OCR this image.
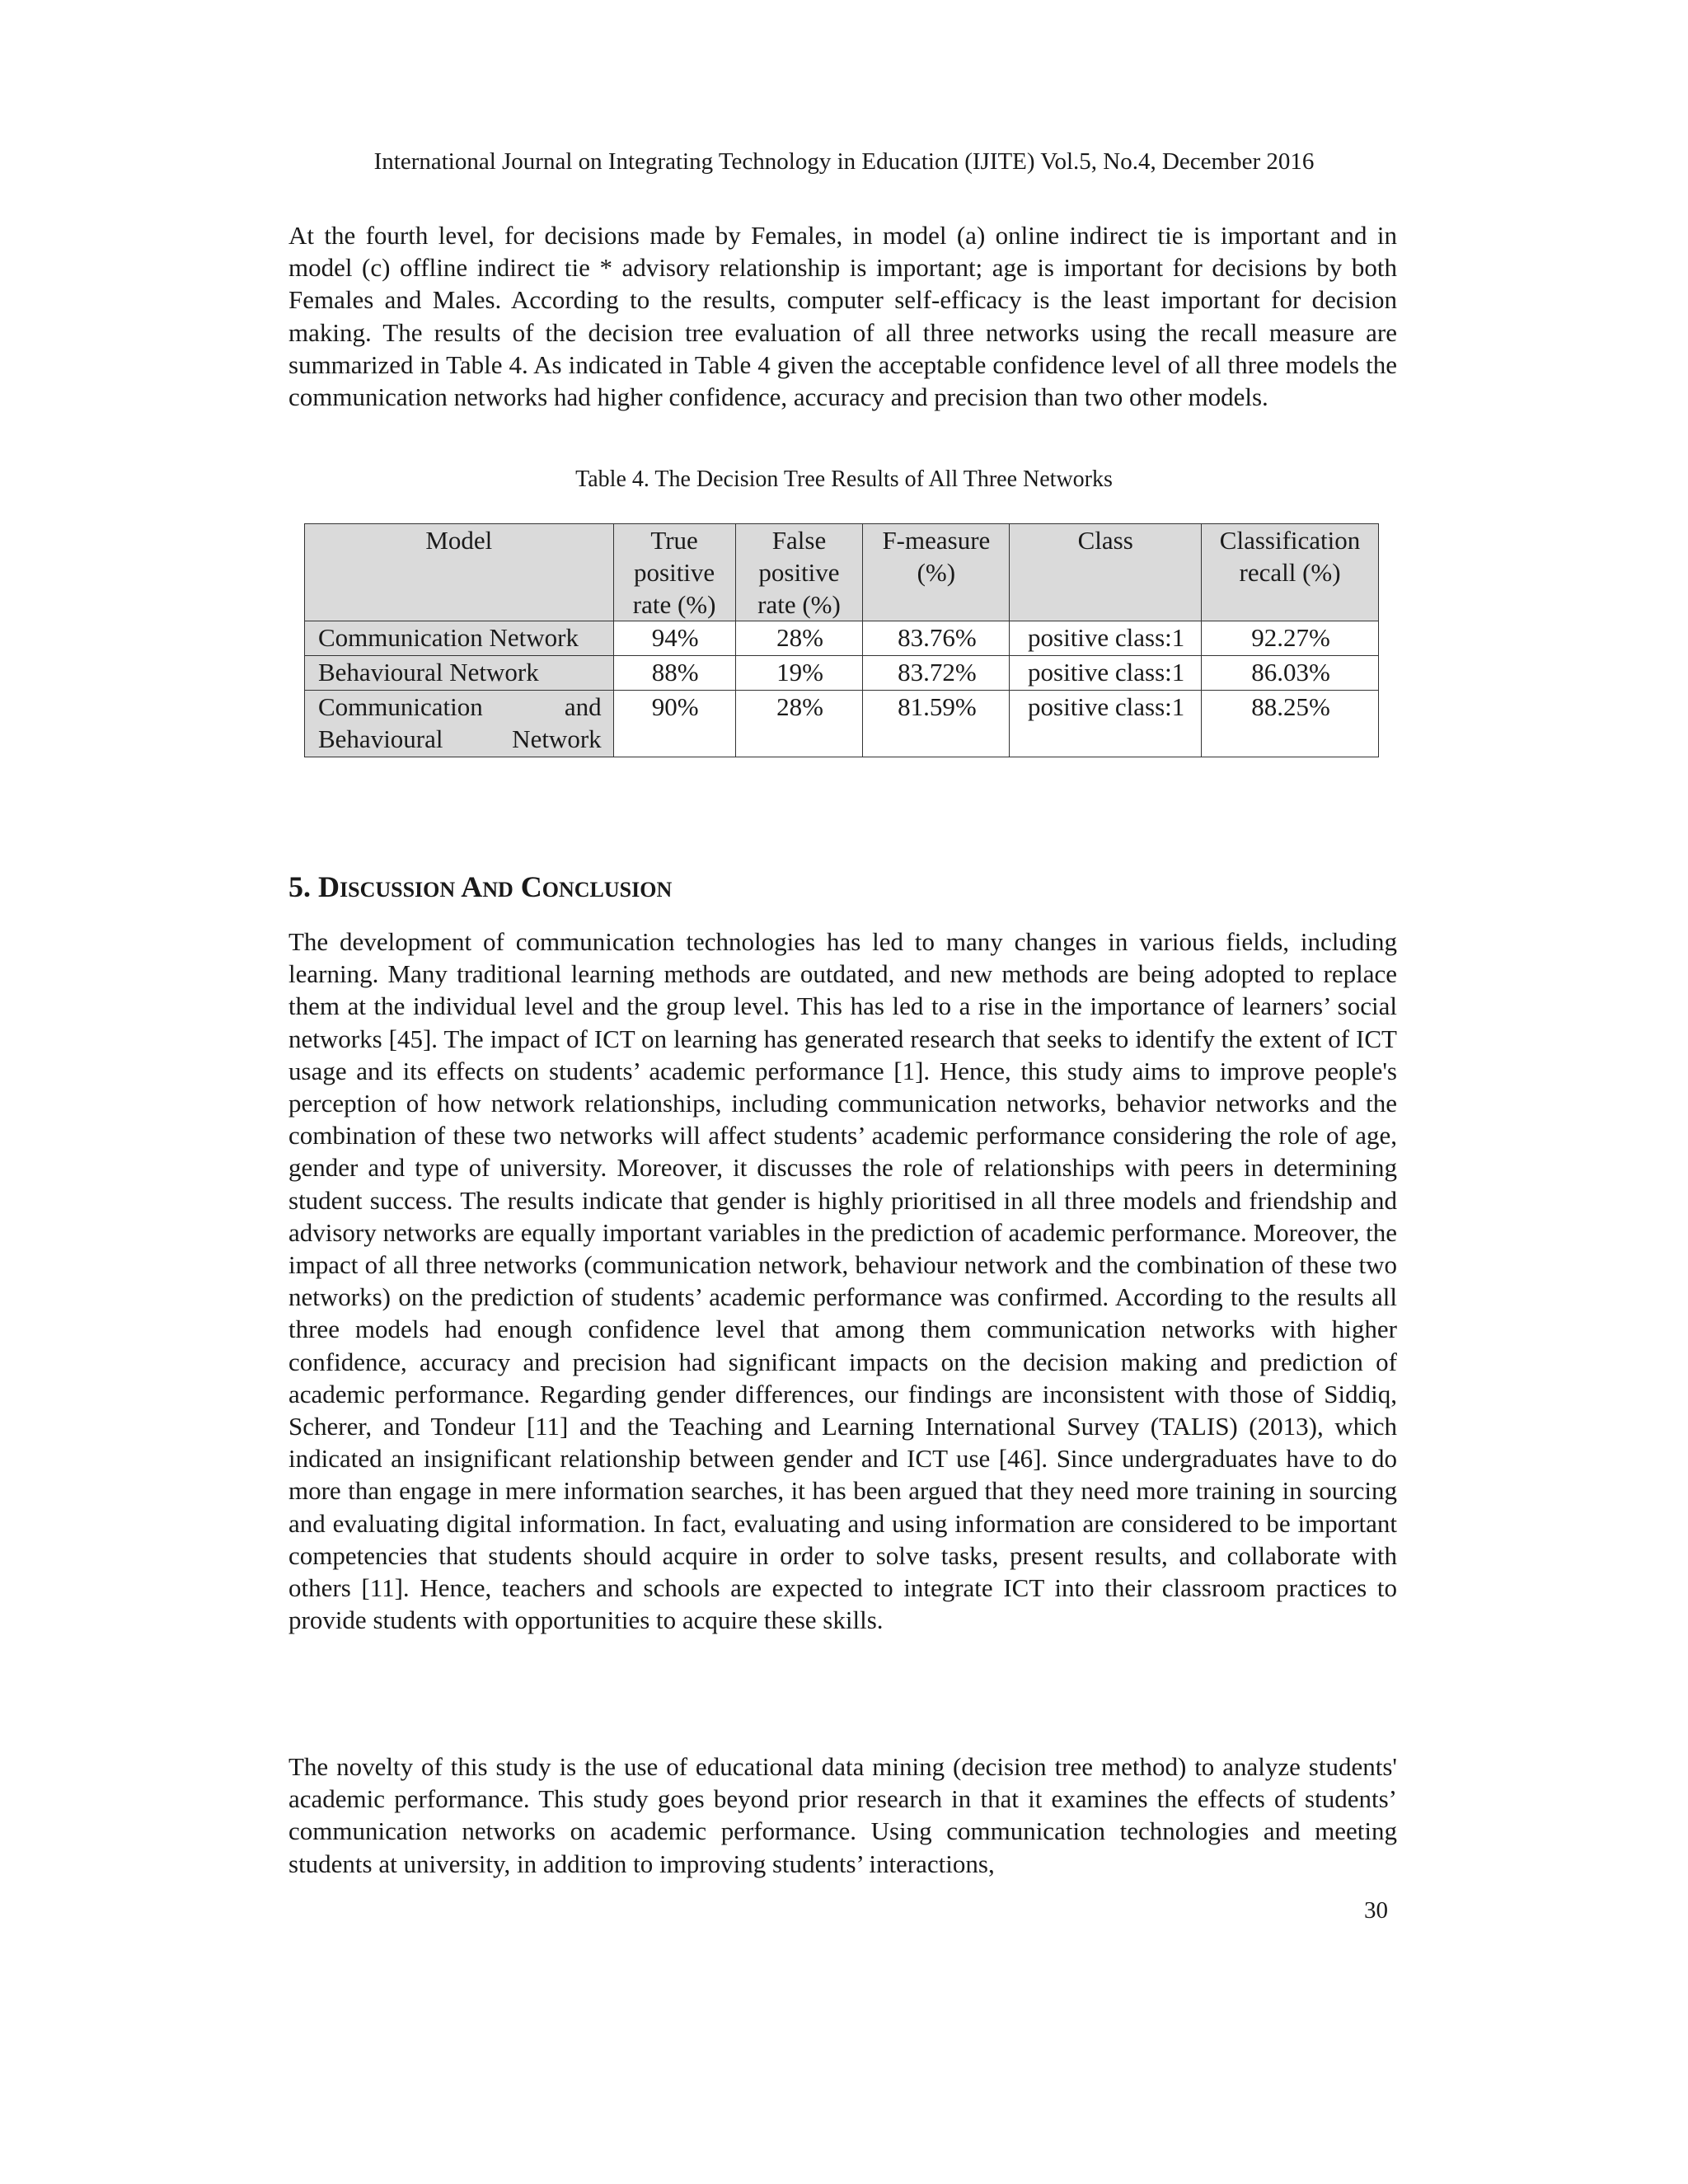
International Journal on Integrating Technology in Education (IJITE) Vol.5, No.4, December 2016

At the fourth level, for decisions made by Females, in model (a) online indirect tie is important and in model (c) offline indirect tie * advisory relationship is important; age is important for decisions by both Females and Males. According to the results, computer self-efficacy is the least important for decision making. The results of the decision tree evaluation of all three networks using the recall measure are summarized in Table 4. As indicated in Table 4 given the acceptable confidence level of all three models the communication networks had higher confidence, accuracy and precision than two other models.

Table 4. The Decision Tree Results of All Three Networks
Model	True positive rate (%)	False positive rate (%)	F-measure (%)	Class	Classification recall (%)
Communication Network	94%	28%	83.76%	positive class:1	92.27%
Behavioural Network	88%	19%	83.72%	positive class:1	86.03%
Communication and Behavioural Network	90%	28%	81.59%	positive class:1	88.25%
5. DISCUSSION AND CONCLUSION

The development of communication technologies has led to many changes in various fields, including learning. Many traditional learning methods are outdated, and new methods are being adopted to replace them at the individual level and the group level. This has led to a rise in the importance of learners’ social networks [45]. The impact of ICT on learning has generated research that seeks to identify the extent of ICT usage and its effects on students’ academic performance [1]. Hence, this study aims to improve people's perception of how network relationships, including communication networks, behavior networks and the combination of these two networks will affect students’ academic performance considering the role of age, gender and type of university. Moreover, it discusses the role of relationships with peers in determining student success. The results indicate that gender is highly prioritised in all three models and friendship and advisory networks are equally important variables in the prediction of academic performance. Moreover, the impact of all three networks (communication network, behaviour network and the combination of these two networks) on the prediction of students’ academic performance was confirmed. According to the results all three models had enough confidence level that among them communication networks with higher confidence, accuracy and precision had significant impacts on the decision making and prediction of academic performance. Regarding gender differences, our findings are inconsistent with those of Siddiq, Scherer, and Tondeur [11] and the Teaching and Learning International Survey (TALIS) (2013), which indicated an insignificant relationship between gender and ICT use [46]. Since undergraduates have to do more than engage in mere information searches, it has been argued that they need more training in sourcing and evaluating digital information. In fact, evaluating and using information are considered to be important competencies that students should acquire in order to solve tasks, present results, and collaborate with others [11]. Hence, teachers and schools are expected to integrate ICT into their classroom practices to provide students with opportunities to acquire these skills.

The novelty of this study is the use of educational data mining (decision tree method) to analyze students' academic performance. This study goes beyond prior research in that it examines the effects of students’ communication networks on academic performance. Using communication technologies and meeting students at university, in addition to improving students’ interactions,

30
